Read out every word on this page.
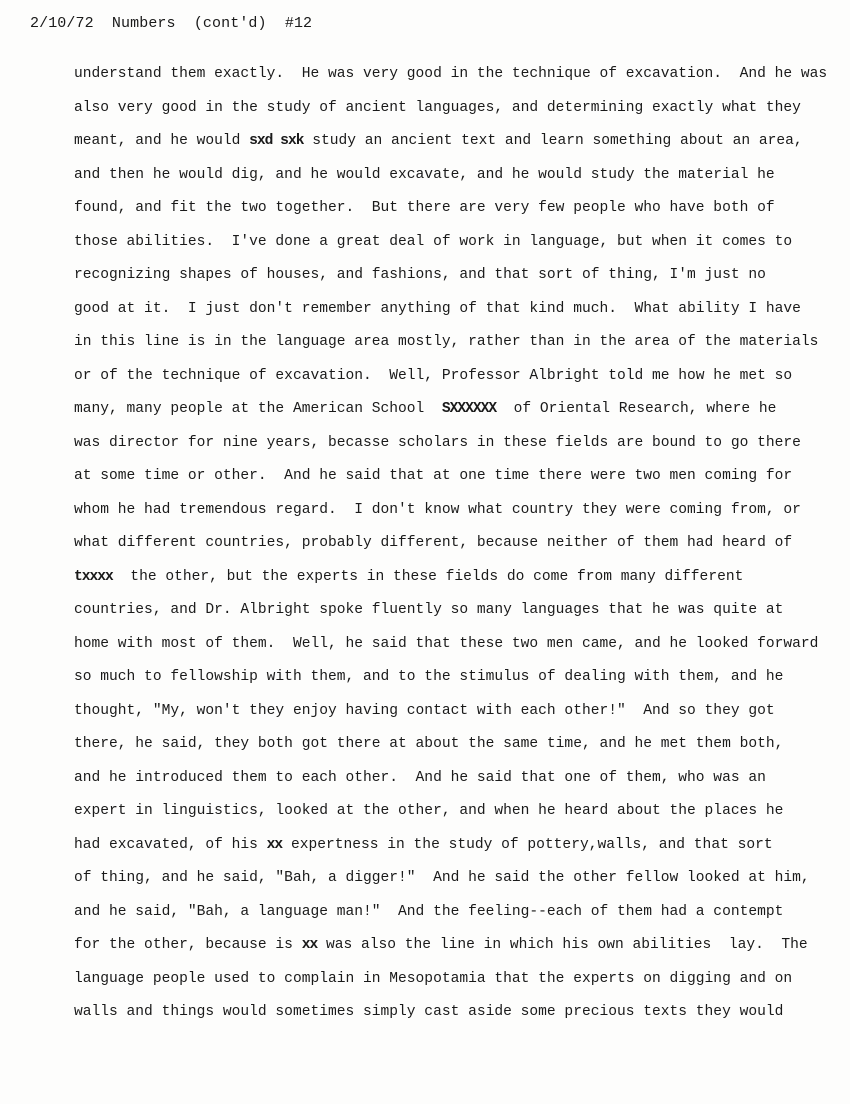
2/10/72  Numbers  (cont'd)  #12
understand them exactly.  He was very good in the technique of excavation.  And he was
also very good in the study of ancient languages, and determining exactly what they
meant, and he would sxd sxk study an ancient text and learn something about an area,
and then he would dig, and he would excavate, and he would study the material he
found, and fit the two together.  But there are very few people who have both of
those abilities.  I've done a great deal of work in language, but when it comes to
recognizing shapes of houses, and fashions, and that sort of thing, I'm just no
good at it.  I just don't remember anything of that kind much.  What ability I have
in this line is in the language area mostly, rather than in the area of the materials
or of the technique of excavation.  Well, Professor Albright told me how he met so
many, many people at the American School  SXXXXXX  of Oriental Research, where he
was director for nine years, becasse scholars in these fields are bound to go there
at some time or other.  And he said that at one time there were two men coming for
whom he had tremendous regard.  I don't know what country they were coming from, or
what different countries, probably different, because neither of them had heard of
txxxx  the other, but the experts in these fields do come from many different
countries, and Dr. Albright spoke fluently so many languages that he was quite at
home with most of them.  Well, he said that these two men came, and he looked forward
so much to fellowship with them, and to the stimulus of dealing with them, and he
thought, "My, won't they enjoy having contact with each other!"  And so they got
there, he said, they both got there at about the same time, and he met them both,
and he introduced them to each other.  And he said that one of them, who was an
expert in linguistics, looked at the other, and when he heard about the places he
had excavated, of his xx expertness in the study of pottery,walls, and that sort
of thing, and he said, "Bah, a digger!"  And he said the other fellow looked at him,
and he said, "Bah, a language man!"  And the feeling--each of them had a contempt
for the other, because is xx was also the line in which his own abilities  lay.  The
language people used to complain in Mesopotamia that the experts on digging and on
walls and things would sometimes simply cast aside some precious texts they would
